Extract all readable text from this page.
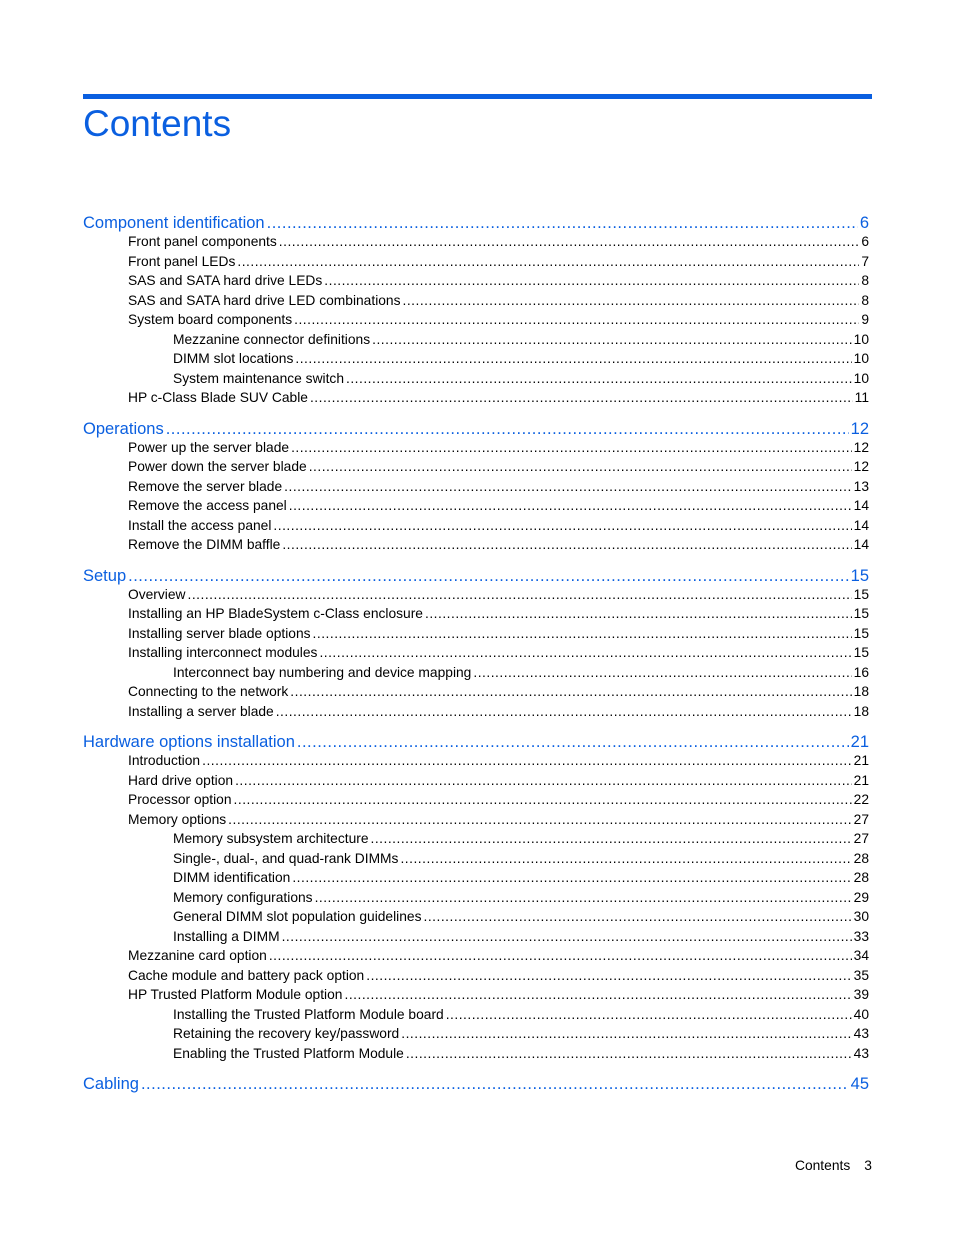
Contents
Component identification .....	6
Front panel components .....	6
Front panel LEDs .....	7
SAS and SATA hard drive LEDs .....	8
SAS and SATA hard drive LED combinations .....	8
System board components .....	9
Mezzanine connector definitions .....	10
DIMM slot locations .....	10
System maintenance switch .....	10
HP c-Class Blade SUV Cable .....	11
Operations .....	12
Power up the server blade .....	12
Power down the server blade .....	12
Remove the server blade .....	13
Remove the access panel .....	14
Install the access panel .....	14
Remove the DIMM baffle .....	14
Setup .....	15
Overview .....	15
Installing an HP BladeSystem c-Class enclosure .....	15
Installing server blade options .....	15
Installing interconnect modules .....	15
Interconnect bay numbering and device mapping .....	16
Connecting to the network .....	18
Installing a server blade .....	18
Hardware options installation .....	21
Introduction .....	21
Hard drive option .....	21
Processor option .....	22
Memory options .....	27
Memory subsystem architecture .....	27
Single-, dual-, and quad-rank DIMMs .....	28
DIMM identification .....	28
Memory configurations .....	29
General DIMM slot population guidelines .....	30
Installing a DIMM .....	33
Mezzanine card option .....	34
Cache module and battery pack option .....	35
HP Trusted Platform Module option .....	39
Installing the Trusted Platform Module board .....	40
Retaining the recovery key/password .....	43
Enabling the Trusted Platform Module .....	43
Cabling .....	45
Contents 3
